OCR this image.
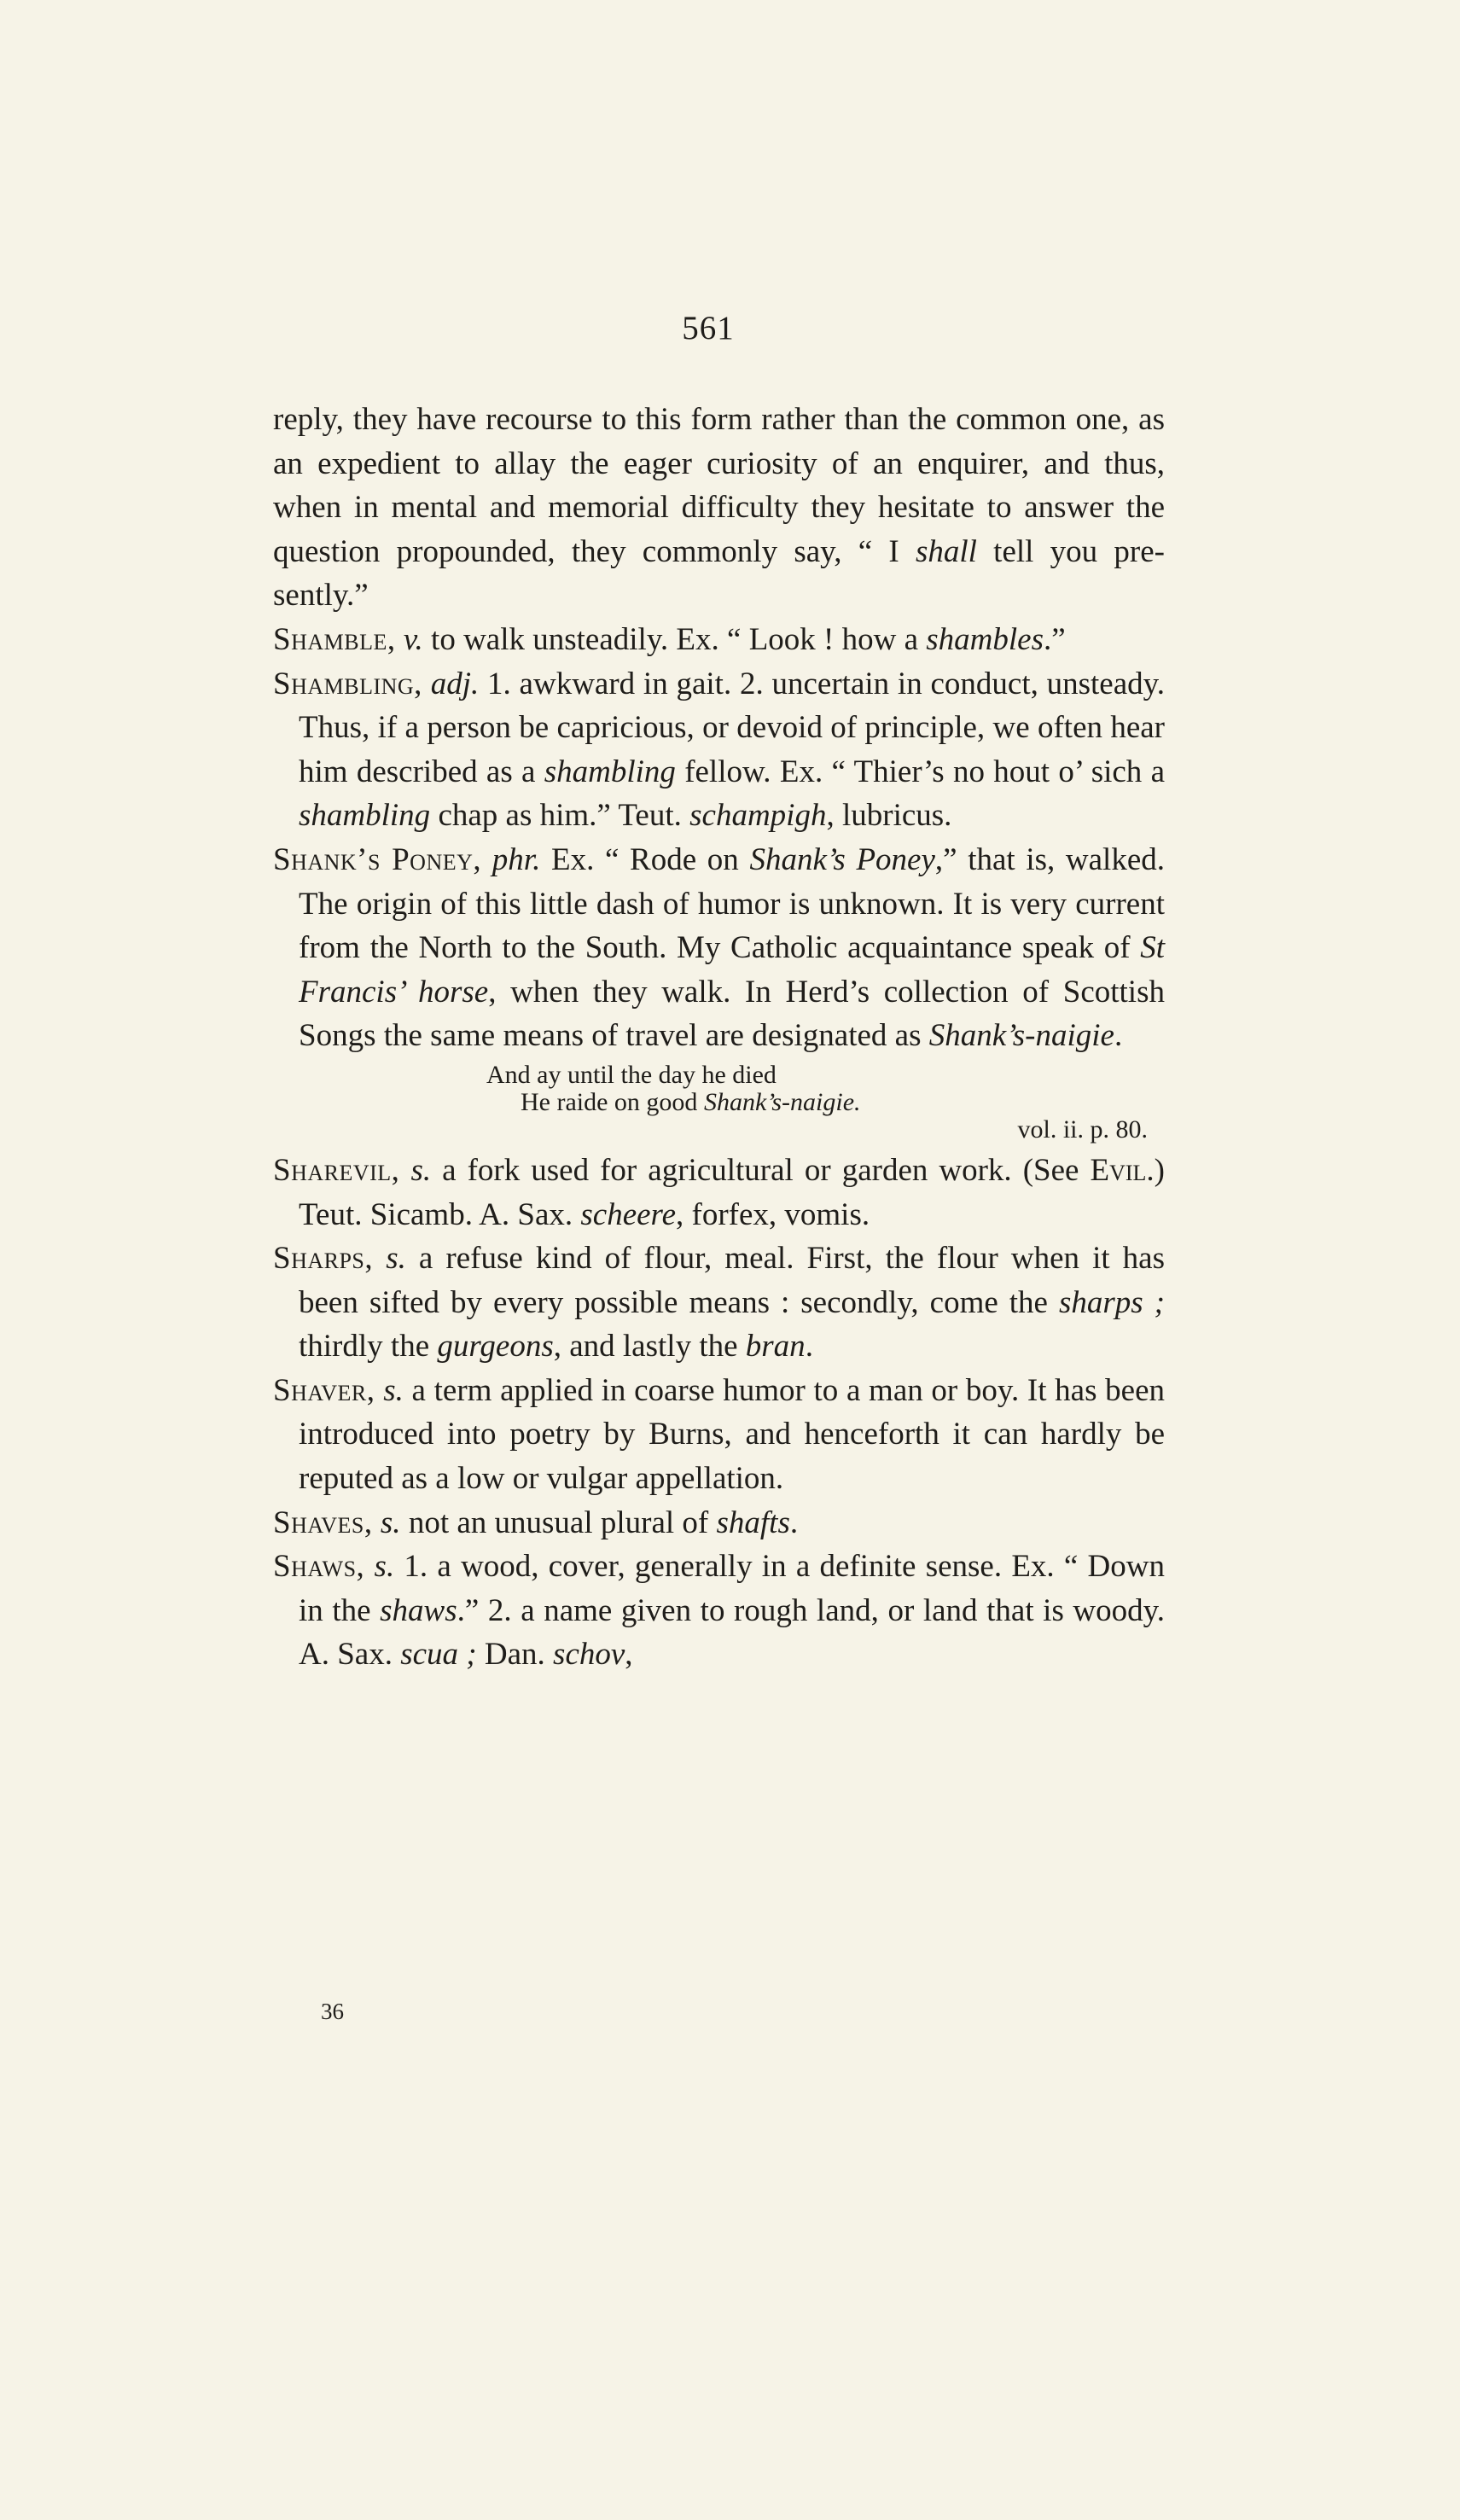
561

reply, they have recourse to this form rather than the common one, as an expedient to allay the eager curiosity of an enquirer, and thus, when in mental and memorial difficulty they hesitate to answer the question propounded, they commonly say, “ I shall tell you pre-sently.”

Shamble, v. to walk unsteadily. Ex. “ Look ! how a shambles.”

Shambling, adj. 1. awkward in gait. 2. uncertain in conduct, unsteady. Thus, if a person be capricious, or devoid of principle, we often hear him described as a shambling fellow. Ex. “ Thier’s no hout o’ sich a shambling chap as him.” Teut. schampigh, lubricus.

Shank’s Poney, phr. Ex. “ Rode on Shank’s Poney,” that is, walked. The origin of this little dash of humor is unknown. It is very current from the North to the South. My Catholic acquaintance speak of St Francis’ horse, when they walk. In Herd’s collection of Scottish Songs the same means of travel are designated as Shank’s-naigie.

And ay until the day he died
He raide on good Shank’s-naigie.
vol. ii. p. 80.

Sharevil, s. a fork used for agricultural or garden work. (See Evil.) Teut. Sicamb. A. Sax. scheere, forfex, vomis.

Sharps, s. a refuse kind of flour, meal. First, the flour when it has been sifted by every possible means : secondly, come the sharps ; thirdly the gurgeons, and lastly the bran.

Shaver, s. a term applied in coarse humor to a man or boy. It has been introduced into poetry by Burns, and henceforth it can hardly be reputed as a low or vulgar appellation.

Shaves, s. not an unusual plural of shafts.

Shaws, s. 1. a wood, cover, generally in a definite sense. Ex. “ Down in the shaws.” 2. a name given to rough land, or land that is woody. A. Sax. scua ; Dan. schov,

36
